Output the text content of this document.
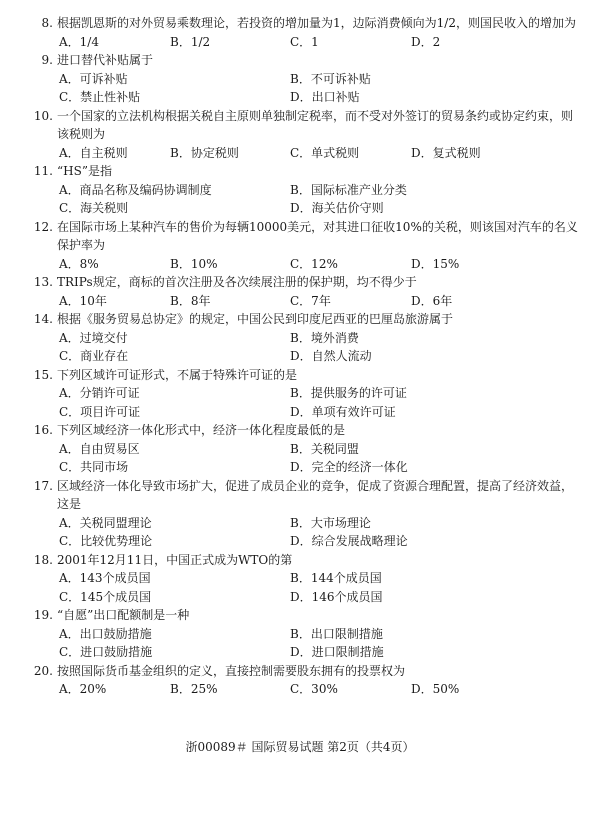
8. 根据凯恩斯的对外贸易乘数理论，若投资的增加量为1，边际消费倾向为1/2，则国民收入的增加为
A．1/4	B．1/2	C．1	D．2
9. 进口替代补贴属于
A．可诉补贴	B．不可诉补贴
C．禁止性补贴	D．出口补贴
10. 一个国家的立法机构根据关税自主原则单独制定税率，而不受对外签订的贸易条约或协定约束，则该税则为
A．自主税则	B．协定税则	C．单式税则	D．复式税则
11. “HS”是指
A．商品名称及编码协调制度	B．国际标准产业分类
C．海关税则	D．海关估价守则
12. 在国际市场上某种汽车的售价为每辆10000美元，对其进口征收10%的关税，则该国对汽车的名义保护率为
A．8%	B．10%	C．12%	D．15%
13. TRIPs规定，商标的首次注册及各次续展注册的保护期，均不得少于
A．10年	B．8年	C．7年	D．6年
14. 根据《服务贸易总协定》的规定，中国公民到印度尼西亚的巴厘岛旅游属于
A．过境交付	B．境外消费
C．商业存在	D．自然人流动
15. 下列区域许可证形式，不属于特殊许可证的是
A．分销许可证	B．提供服务的许可证
C．项目许可证	D．单项有效许可证
16. 下列区域经济一体化形式中，经济一体化程度最低的是
A．自由贸易区	B．关税同盟
C．共同市场	D．完全的经济一体化
17. 区域经济一体化导致市场扩大，促进了成员企业的竞争，促成了资源合理配置，提高了经济效益，这是
A．关税同盟理论	B．大市场理论
C．比较优势理论	D．综合发展战略理论
18. 2001年12月11日，中国正式成为WTO的第
A．143个成员国	B．144个成员国
C．145个成员国	D．146个成员国
19. “自愿”出口配额制是一种
A．出口鼓励措施	B．出口限制措施
C．进口鼓励措施	D．进口限制措施
20. 按照国际货币基金组织的定义，直接控制需要股东拥有的投票权为
A．20%	B．25%	C．30%	D．50%
浙00089＃ 国际贸易试题 第2页（共4页）
